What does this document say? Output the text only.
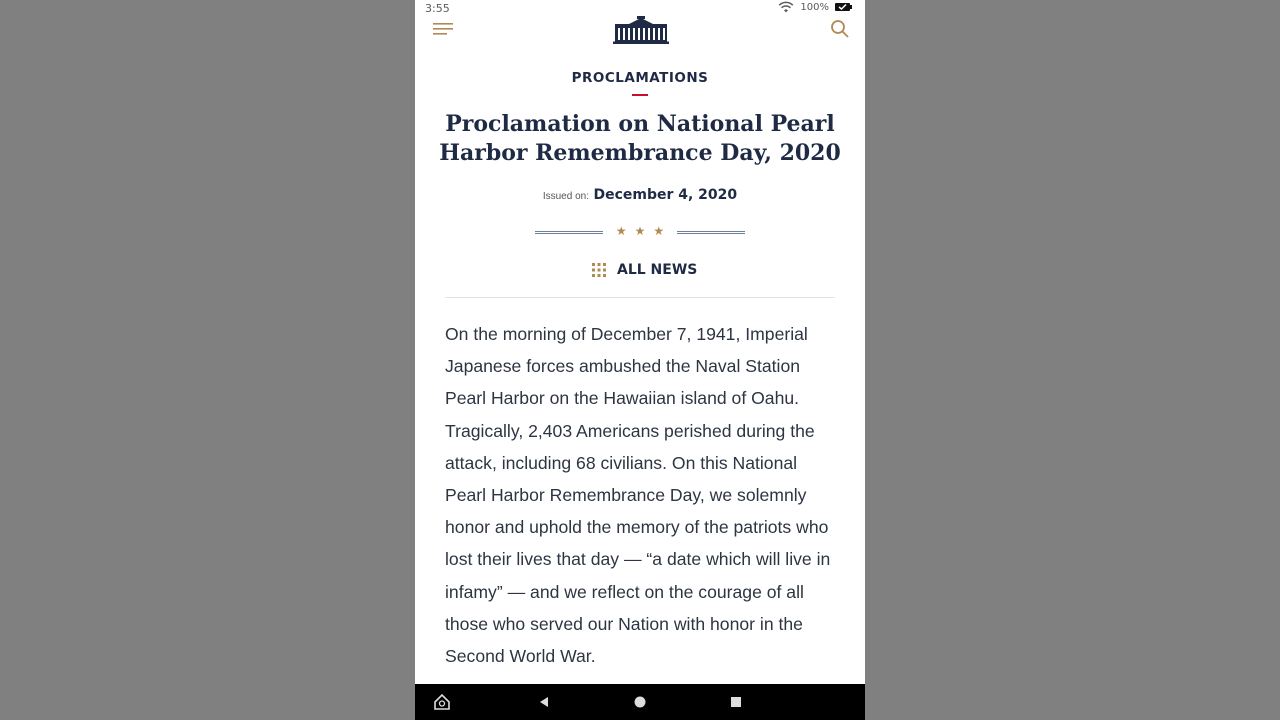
3:55	100%
PROCLAMATIONS
Proclamation on National Pearl Harbor Remembrance Day, 2020
Issued on: December 4, 2020
★★★
ALL NEWS

On the morning of December 7, 1941, Imperial Japanese forces ambushed the Naval Station Pearl Harbor on the Hawaiian island of Oahu. Tragically, 2,403 Americans perished during the attack, including 68 civilians. On this National Pearl Harbor Remembrance Day, we solemnly honor and uphold the memory of the patriots who lost their lives that day — “a date which will live in infamy” — and we reflect on the courage of all those who served our Nation with honor in the Second World War.
